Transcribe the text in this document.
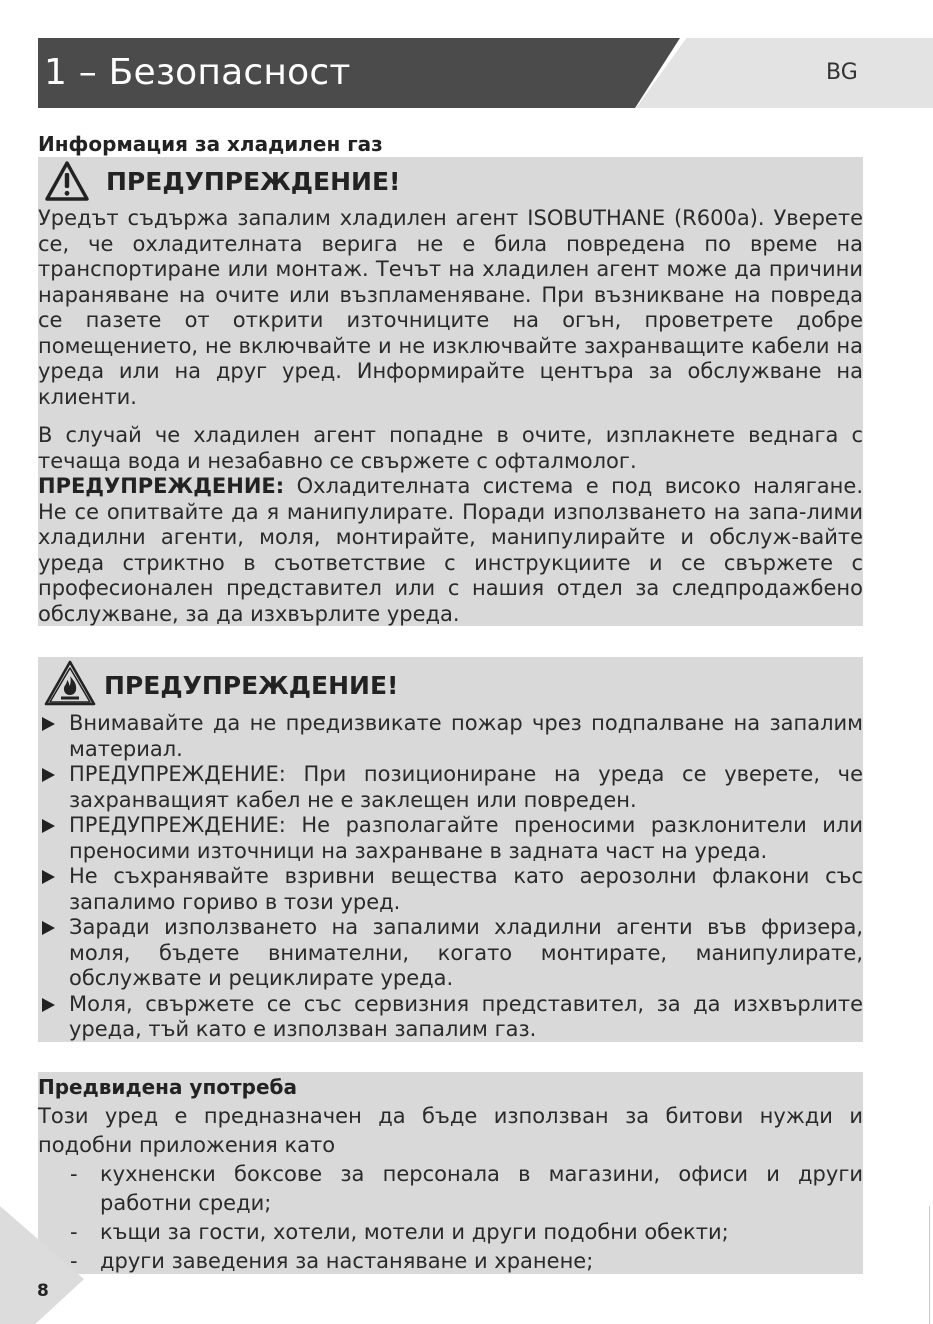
1 – Безопасност	BG
Информация за хладилен газ
ПРЕДУПРЕЖДЕНИЕ!

Уредът съдържа запалим хладилен агент ISOBUTHANE (R600a). Уверете се, че охладителната верига не е била повредена по време на транспортиране или монтаж. Течът на хладилен агент може да причини нараняване на очите или възпламеняване. При възникване на повреда се пазете от открити източниците на огън, проветрете добре помещението, не включвайте и не изключвайте захранващите кабели на уреда или на друг уред. Информирайте центъра за обслужване на клиенти.

В случай че хладилен агент попадне в очите, изплакнете веднага с течаща вода и незабавно се свържете с офталмолог.

ПРЕДУПРЕЖДЕНИЕ: Охладителната система е под високо налягане. Не се опитвайте да я манипулирате. Поради използването на запа-лими хладилни агенти, моля, монтирайте, манипулирайте и обслуж-вайте уреда стриктно в съответствие с инструкциите и се свържете с професионален представител или с нашия отдел за следпродажбено обслужване, за да изхвърлите уреда.

ПРЕДУПРЕЖДЕНИЕ!
Внимавайте да не предизвикате пожар чрез подпалване на запалим материал.
ПРЕДУПРЕЖДЕНИЕ: При позициониране на уреда се уверете, че захранващият кабел не е заклещен или повреден.
ПРЕДУПРЕЖДЕНИЕ: Не разполагайте преносими разклонители или преносими източници на захранване в задната част на уреда.
Не съхранявайте взривни вещества като аерозолни флакони със запалимо гориво в този уред.
Заради използването на запалими хладилни агенти във фризера, моля, бъдете внимателни, когато монтирате, манипулирате, обслужвате и рециклирате уреда.
Моля, свържете се със сервизния представител, за да изхвърлите уреда, тъй като е използван запалим газ.
Предвидена употреба

Този уред е предназначен да бъде използван за битови нужди и подобни приложения като

- кухненски боксове за персонала в магазини, офиси и други работни среди;
- къщи за гости, хотели, мотели и други подобни обекти;
- други заведения за настаняване и хранене;
8
